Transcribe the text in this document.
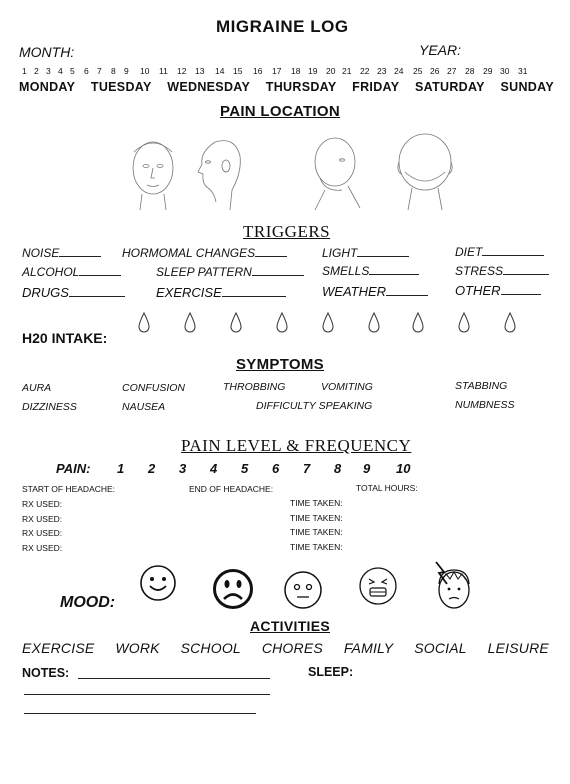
MIGRAINE LOG
MONTH:	YEAR:
1 2 3 4 5 6 7 8 9 10 11 12 13 14 15 16 17 18 19 20 21 22 23 24 25 26 27 28 29 30 31
MONDAY TUESDAY WEDNESDAY THURSDAY FRIDAY SATURDAY SUNDAY
PAIN LOCATION
TRIGGERS
NOISE	HORMOMAL CHANGES	LIGHT	DIET
ALCOHOL	SLEEP PATTERN	SMELLS	STRESS
DRUGS	EXERCISE	WEATHER	OTHER
H20 INTAKE:
SYMPTOMS
AURA	CONFUSION	THROBBING	VOMITING	STABBING
DIZZINESS	NAUSEA	DIFFICULTY SPEAKING	NUMBNESS
PAIN LEVEL & FREQUENCY
PAIN: 1 2 3 4 5 6 7 8 9 10
START OF HEADACHE:	END OF HEADACHE:	TOTAL HOURS:
RX USED:
RX USED:
RX USED:
RX USED:
TIME TAKEN:
TIME TAKEN:
TIME TAKEN:
TIME TAKEN:
MOOD:
ACTIVITIES
EXERCISE WORK SCHOOL CHORES FAMILY SOCIAL LEISURE
NOTES:	SLEEP:
